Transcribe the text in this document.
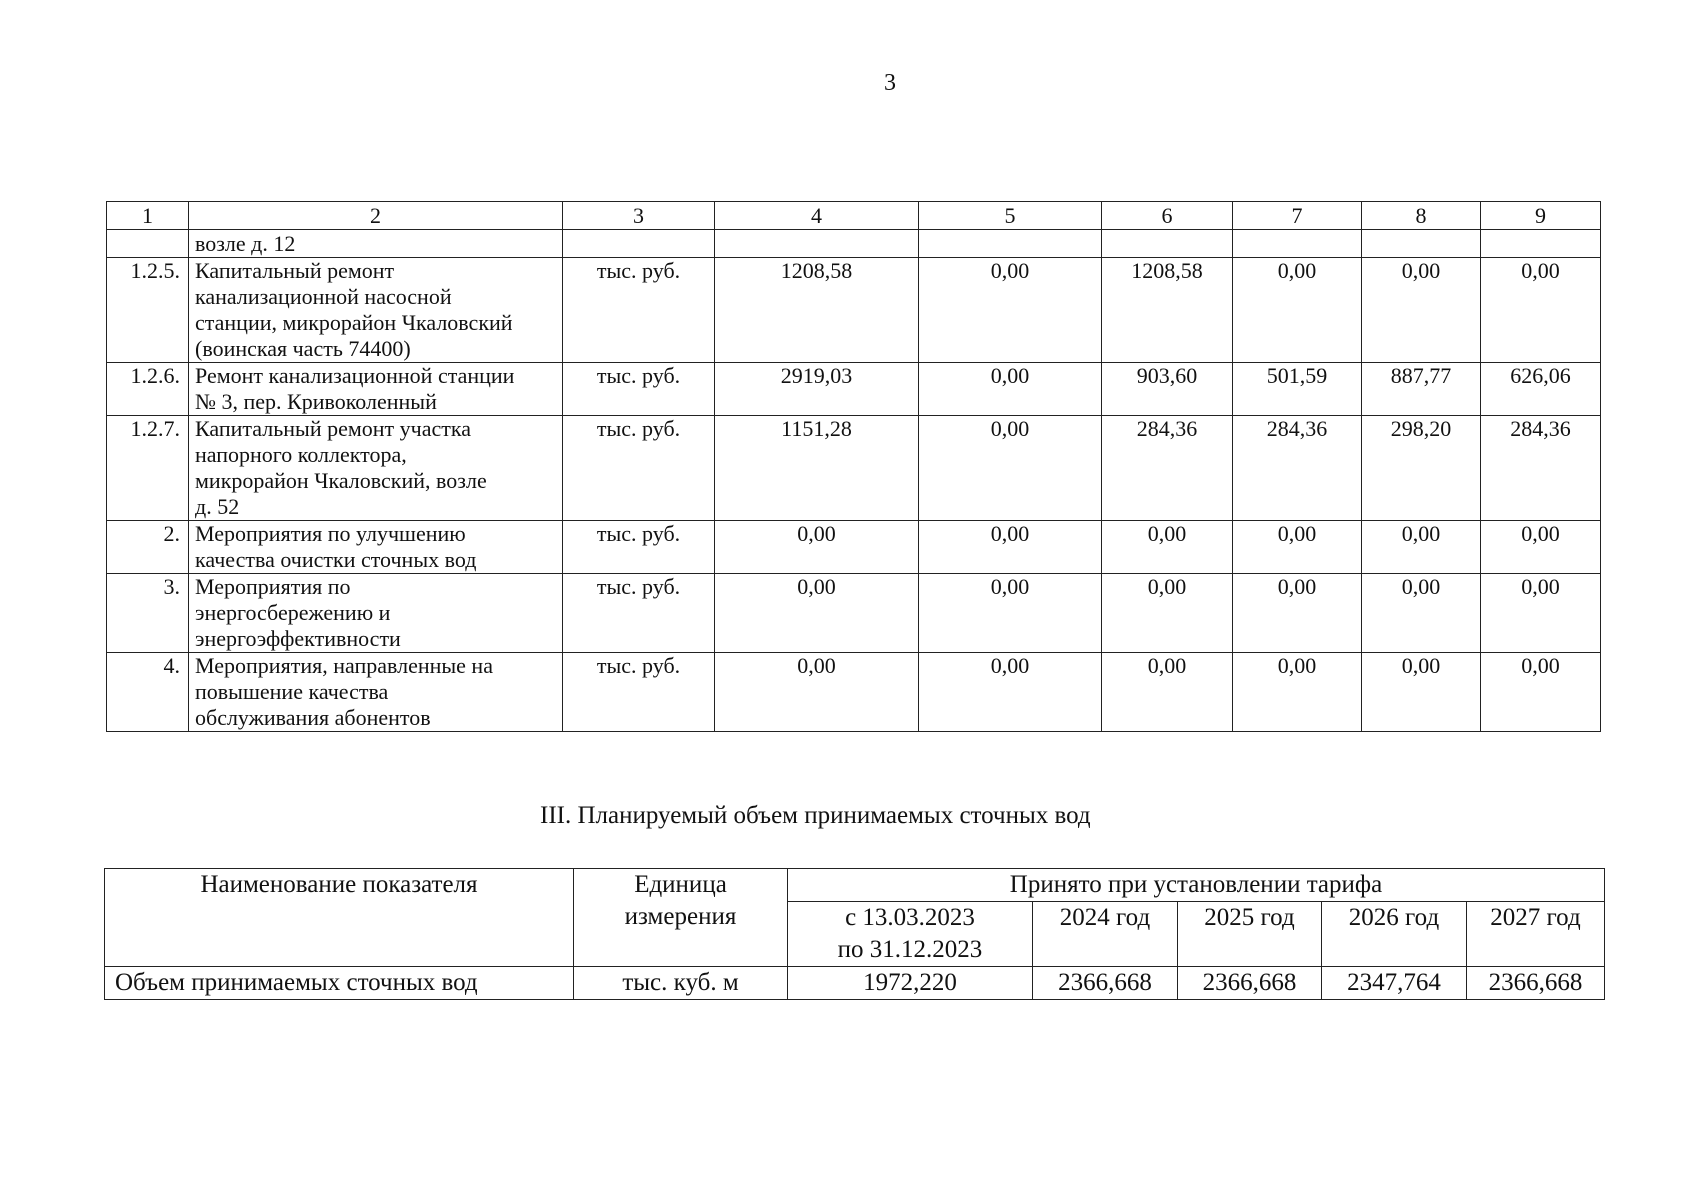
3
1	2	3	4	5	6	7	8	9

	возле д. 12							

1.2.5.	Капитальный ремонт
канализационной насосной
станции, микрорайон Чкаловский
(воинская часть 74400)	тыс. руб.	1208,58	0,00	1208,58	0,00	0,00	0,00
1.2.6.	Ремонт канализационной станции
№ 3, пер. Кривоколенный	тыс. руб.	2919,03	0,00	903,60	501,59	887,77	626,06
1.2.7.	Капитальный ремонт участка
напорного коллектора,
микрорайон Чкаловский, возле
д. 52	тыс. руб.	1151,28	0,00	284,36	284,36	298,20	284,36
2.	Мероприятия по улучшению
качества очистки сточных вод	тыс. руб.	0,00	0,00	0,00	0,00	0,00	0,00
3.	Мероприятия по
энергосбережению и
энергоэффективности	тыс. руб.	0,00	0,00	0,00	0,00	0,00	0,00
4.	Мероприятия, направленные на
повышение качества
обслуживания абонентов	тыс. руб.	0,00	0,00	0,00	0,00	0,00	0,00
III. Планируемый объем принимаемых сточных вод
Наименование показателя	Единица
измерения	Принято при установлении тарифа				

		с 13.03.2023
по 31.12.2023	2024 год	2025 год	2026 год	2027 год

Объем принимаемых сточных вод	тыс. куб. м	1972,220	2366,668	2366,668	2347,764	2366,668
